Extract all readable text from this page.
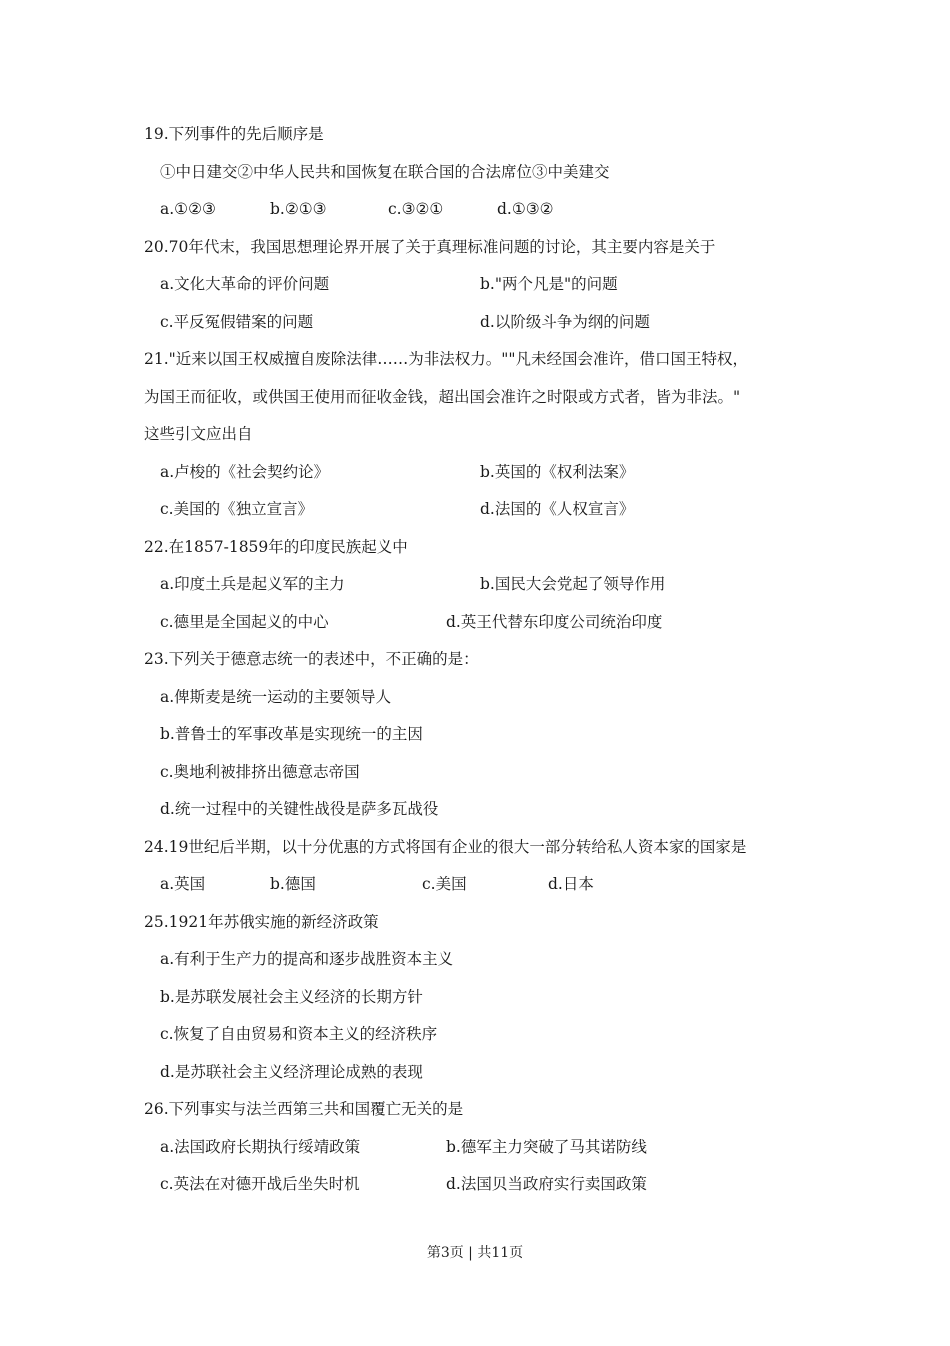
19.下列事件的先后顺序是
①中日建交②中华人民共和国恢复在联合国的合法席位③中美建交
a.①②③	b.②①③	c.③②①	d.①③②
20.70年代末，我国思想理论界开展了关于真理标准问题的讨论，其主要内容是关于
a.文化大革命的评价问题	b."两个凡是"的问题
c.平反冤假错案的问题	d.以阶级斗争为纲的问题
21."近来以国王权威擅自废除法律……为非法权力。""凡未经国会准许，借口国王特权，
为国王而征收，或供国王使用而征收金钱，超出国会准许之时限或方式者，皆为非法。"
这些引文应出自
a.卢梭的《社会契约论》	b.英国的《权利法案》
c.美国的《独立宣言》	d.法国的《人权宣言》
22.在1857-1859年的印度民族起义中
a.印度土兵是起义军的主力	b.国民大会党起了领导作用
c.德里是全国起义的中心	d.英王代替东印度公司统治印度
23.下列关于德意志统一的表述中，不正确的是：
a.俾斯麦是统一运动的主要领导人
b.普鲁士的军事改革是实现统一的主因
c.奥地利被排挤出德意志帝国
d.统一过程中的关键性战役是萨多瓦战役
24.19世纪后半期，以十分优惠的方式将国有企业的很大一部分转给私人资本家的国家是
a.英国	b.德国	c.美国	d.日本
25.1921年苏俄实施的新经济政策
a.有利于生产力的提高和逐步战胜资本主义
b.是苏联发展社会主义经济的长期方针
c.恢复了自由贸易和资本主义的经济秩序
d.是苏联社会主义经济理论成熟的表现
26.下列事实与法兰西第三共和国覆亡无关的是
a.法国政府长期执行绥靖政策	b.德军主力突破了马其诺防线
c.英法在对德开战后坐失时机	d.法国贝当政府实行卖国政策
第3页 | 共11页
